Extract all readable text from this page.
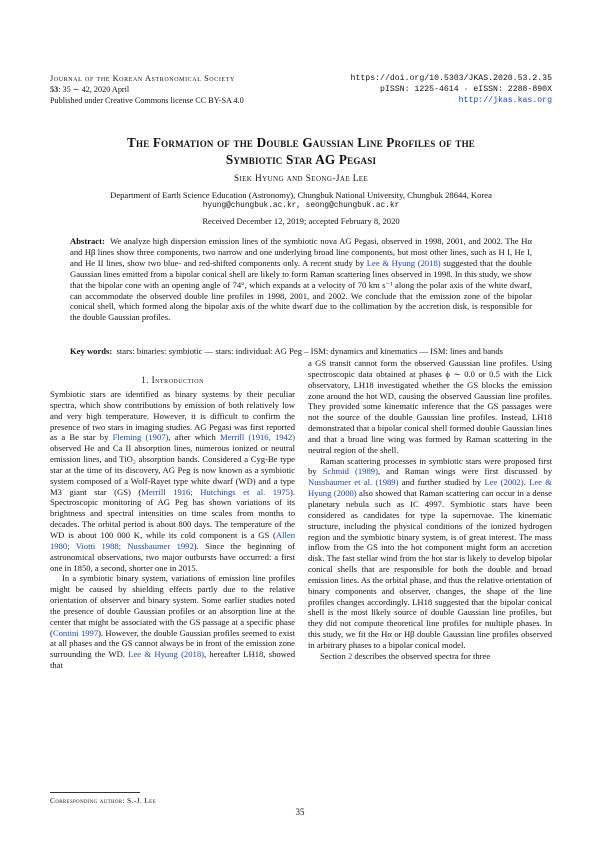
Journal of the Korean Astronomical Society
53: 35 ∼ 42, 2020 April
Published under Creative Commons license CC BY-SA 4.0
https://doi.org/10.5303/JKAS.2020.53.2.35
pISSN: 1225-4614 · eISSN: 2288-890X
http://jkas.kas.org
The Formation of the Double Gaussian Line Profiles of the
Symbiotic Star AG Pegasi
Siek Hyung and Seong-Jae Lee
Department of Earth Science Education (Astronomy), Chungbuk National University, Chungbuk 28644, Korea
hyung@chungbuk.ac.kr, seong@chungbuk.ac.kr
Received December 12, 2019; accepted February 8, 2020
Abstract: We analyze high dispersion emission lines of the symbiotic nova AG Pegasi, observed in 1998, 2001, and 2002. The Hα and Hβ lines show three components, two narrow and one underlying broad line components, but most other lines, such as H I, He I, and He II lines, show two blue- and red-shifted components only. A recent study by Lee & Hyung (2018) suggested that the double Gaussian lines emitted from a bipolar conical shell are likely to form Raman scattering lines observed in 1998. In this study, we show that the bipolar cone with an opening angle of 74°, which expands at a velocity of 70 km s⁻¹ along the polar axis of the white dwarf, can accommodate the observed double line profiles in 1998, 2001, and 2002. We conclude that the emission zone of the bipolar conical shell, which formed along the bipolar axis of the white dwarf due to the collimation by the accretion disk, is responsible for the double Gaussian profiles.
Key words: stars: binaries: symbiotic — stars: individual: AG Peg – ISM: dynamics and kinematics — ISM: lines and bands
1. Introduction

Symbiotic stars are identified as binary systems by their peculiar spectra, which show contributions by emission of both relatively low and very high temperature. However, it is difficult to confirm the presence of two stars in imaging studies. AG Pegasi was first reported as a Be star by Fleming (1907), after which Merrill (1916, 1942) observed He and Ca II absorption lines, numerous ionized or neutral emission lines, and TiO₂ absorption bands. Considered a Cyg-Be type star at the time of its discovery, AG Peg is now known as a symbiotic system composed of a Wolf-Rayet type white dwarf (WD) and a type M3 giant star (GS) (Merrill 1916; Hutchings et al. 1975). Spectroscopic monitoring of AG Peg has shown variations of its brightness and spectral intensities on time scales from months to decades. The orbital period is about 800 days. The temperature of the WD is about 100 000 K, while its cold component is a GS (Allen 1980; Viotti 1988; Nussbaumer 1992). Since the beginning of astronomical observations, two major outbursts have occurred: a first one in 1850, a second, shorter one in 2015.

In a symbiotic binary system, variations of emission line profiles might be caused by shielding effects partly due to the relative orientation of observer and binary system. Some earlier studies noted the presence of double Gaussian profiles or an absorption line at the center that might be associated with the GS passage at a specific phase (Contini 1997). However, the double Gaussian profiles seemed to exist at all phases and the GS cannot always be in front of the emission zone surrounding the WD. Lee & Hyung (2018), hereafter LH18, showed that

a GS transit cannot form the observed Gaussian line profiles. Using spectroscopic data obtained at phases ϕ ∼ 0.0 or 0.5 with the Lick observatory, LH18 investigated whether the GS blocks the emission zone around the hot WD, causing the observed Gaussian line profiles. They provided some kinematic inference that the GS passages were not the source of the double Gaussian line profiles. Instead, LH18 demonstrated that a bipolar conical shell formed double Gaussian lines and that a broad line wing was formed by Raman scattering in the neutral region of the shell.

Raman scattering processes in symbiotic stars were proposed first by Schmid (1989), and Raman wings were first discussed by Nussbaumer et al. (1989) and further studied by Lee (2002). Lee & Hyung (2000) also showed that Raman scattering can occur in a dense planetary nebula such as IC 4997. Symbiotic stars have been considered as candidates for type Ia supernovae. The kinematic structure, including the physical conditions of the ionized hydrogen region and the symbiotic binary system, is of great interest. The mass inflow from the GS into the hot component might form an accretion disk. The fast stellar wind from the hot star is likely to develop bipolar conical shells that are responsible for both the double and broad emission lines. As the orbital phase, and thus the relative orientation of binary components and observer, changes, the shape of the line profiles changes accordingly. LH18 suggested that the bipolar conical shell is the most likely source of double Gaussian line profiles, but they did not compute theoretical line profiles for multiple phases. In this study, we fit the Hα or Hβ double Gaussian line profiles observed in arbitrary phases to a bipolar conical model.

Section 2 describes the observed spectra for three

Corresponding author: S.-J. Lee
35
